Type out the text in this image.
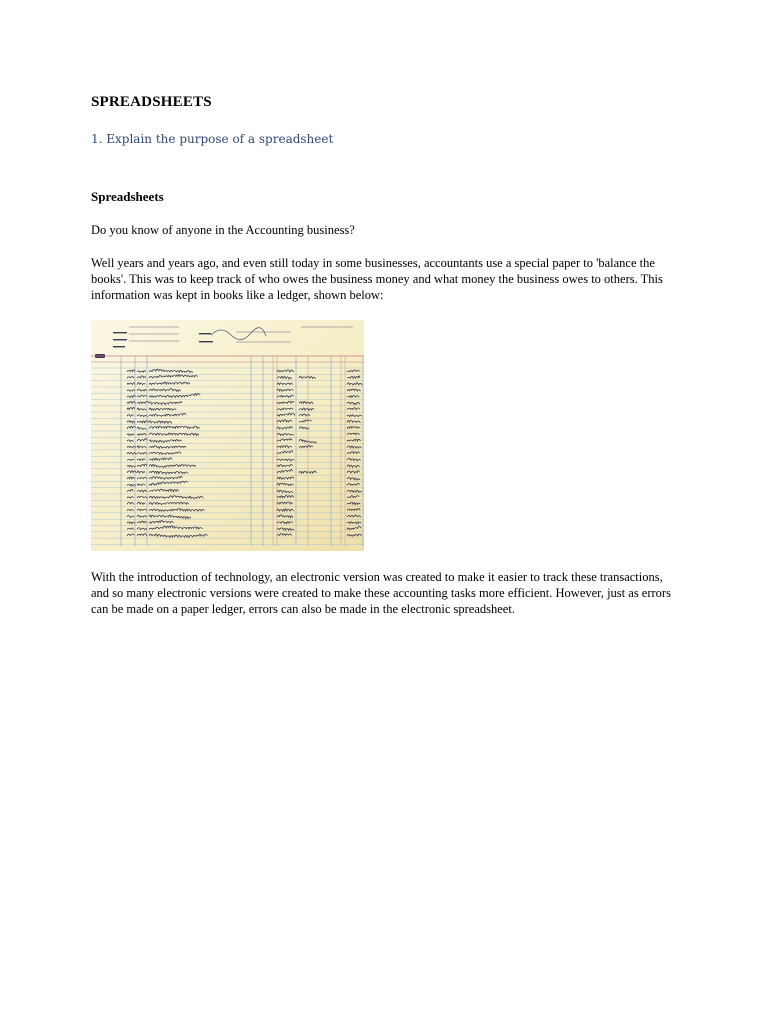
SPREADSHEETS

1. Explain the purpose of a spreadsheet

Spreadsheets

Do you know of anyone in the Accounting business?

Well years and years ago, and even still today in some businesses, accountants use a special paper to 'balance the books'. This was to keep track of who owes the business money and what money the business owes to others. This information was kept in books like a ledger, shown below:

With the introduction of technology, an electronic version was created to make it easier to track these transactions, and so many electronic versions were created to make these accounting tasks more efficient. However, just as errors can be made on a paper ledger, errors can also be made in the electronic spreadsheet.
